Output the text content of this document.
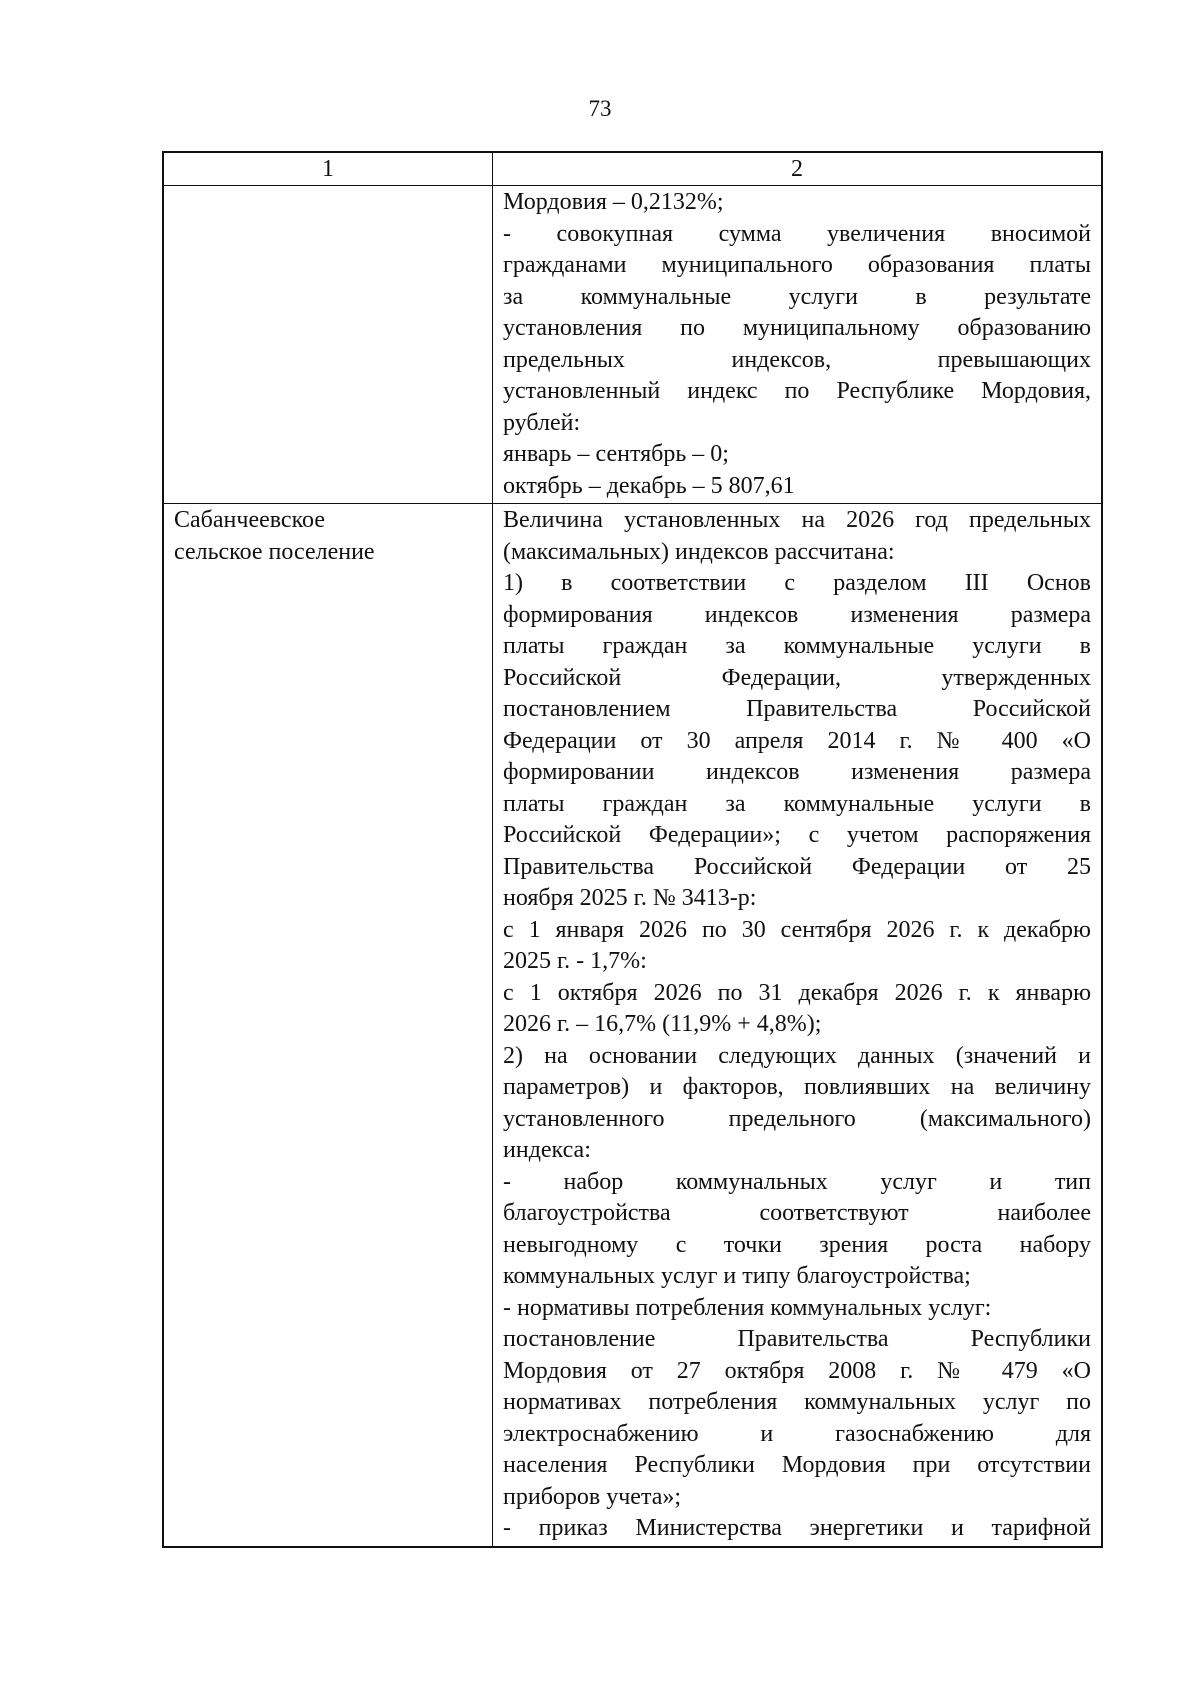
73
1	2
Мордовия – 0,2132%;
- совокупная сумма увеличения вносимой
гражданами муниципального образования платы
за коммунальные услуги в результате
установления по муниципальному образованию
предельных индексов, превышающих
установленный индекс по Республике Мордовия,
рублей:
январь – сентябрь – 0;
октябрь – декабрь – 5 807,61
Сабанчеевское
сельское поселение
Величина установленных на 2026 год предельных
(максимальных) индексов рассчитана:
1) в соответствии с разделом III Основ
формирования индексов изменения размера
платы граждан за коммунальные услуги в
Российской Федерации, утвержденных
постановлением Правительства Российской
Федерации от 30 апреля 2014 г. № 400 «О
формировании индексов изменения размера
платы граждан за коммунальные услуги в
Российской Федерации»; с учетом распоряжения
Правительства Российской Федерации от 25
ноября 2025 г. № 3413-р:
с 1 января 2026 по 30 сентября 2026 г. к декабрю
2025 г. - 1,7%:
с 1 октября 2026 по 31 декабря 2026 г. к январю
2026 г. – 16,7% (11,9% + 4,8%);
2) на основании следующих данных (значений и
параметров) и факторов, повлиявших на величину
установленного предельного (максимального)
индекса:
- набор коммунальных услуг и тип
благоустройства соответствуют наиболее
невыгодному с точки зрения роста набору
коммунальных услуг и типу благоустройства;
- нормативы потребления коммунальных услуг:
постановление Правительства Республики
Мордовия от 27 октября 2008 г. № 479 «О
нормативах потребления коммунальных услуг по
электроснабжению и газоснабжению для
населения Республики Мордовия при отсутствии
приборов учета»;
- приказ Министерства энергетики и тарифной
